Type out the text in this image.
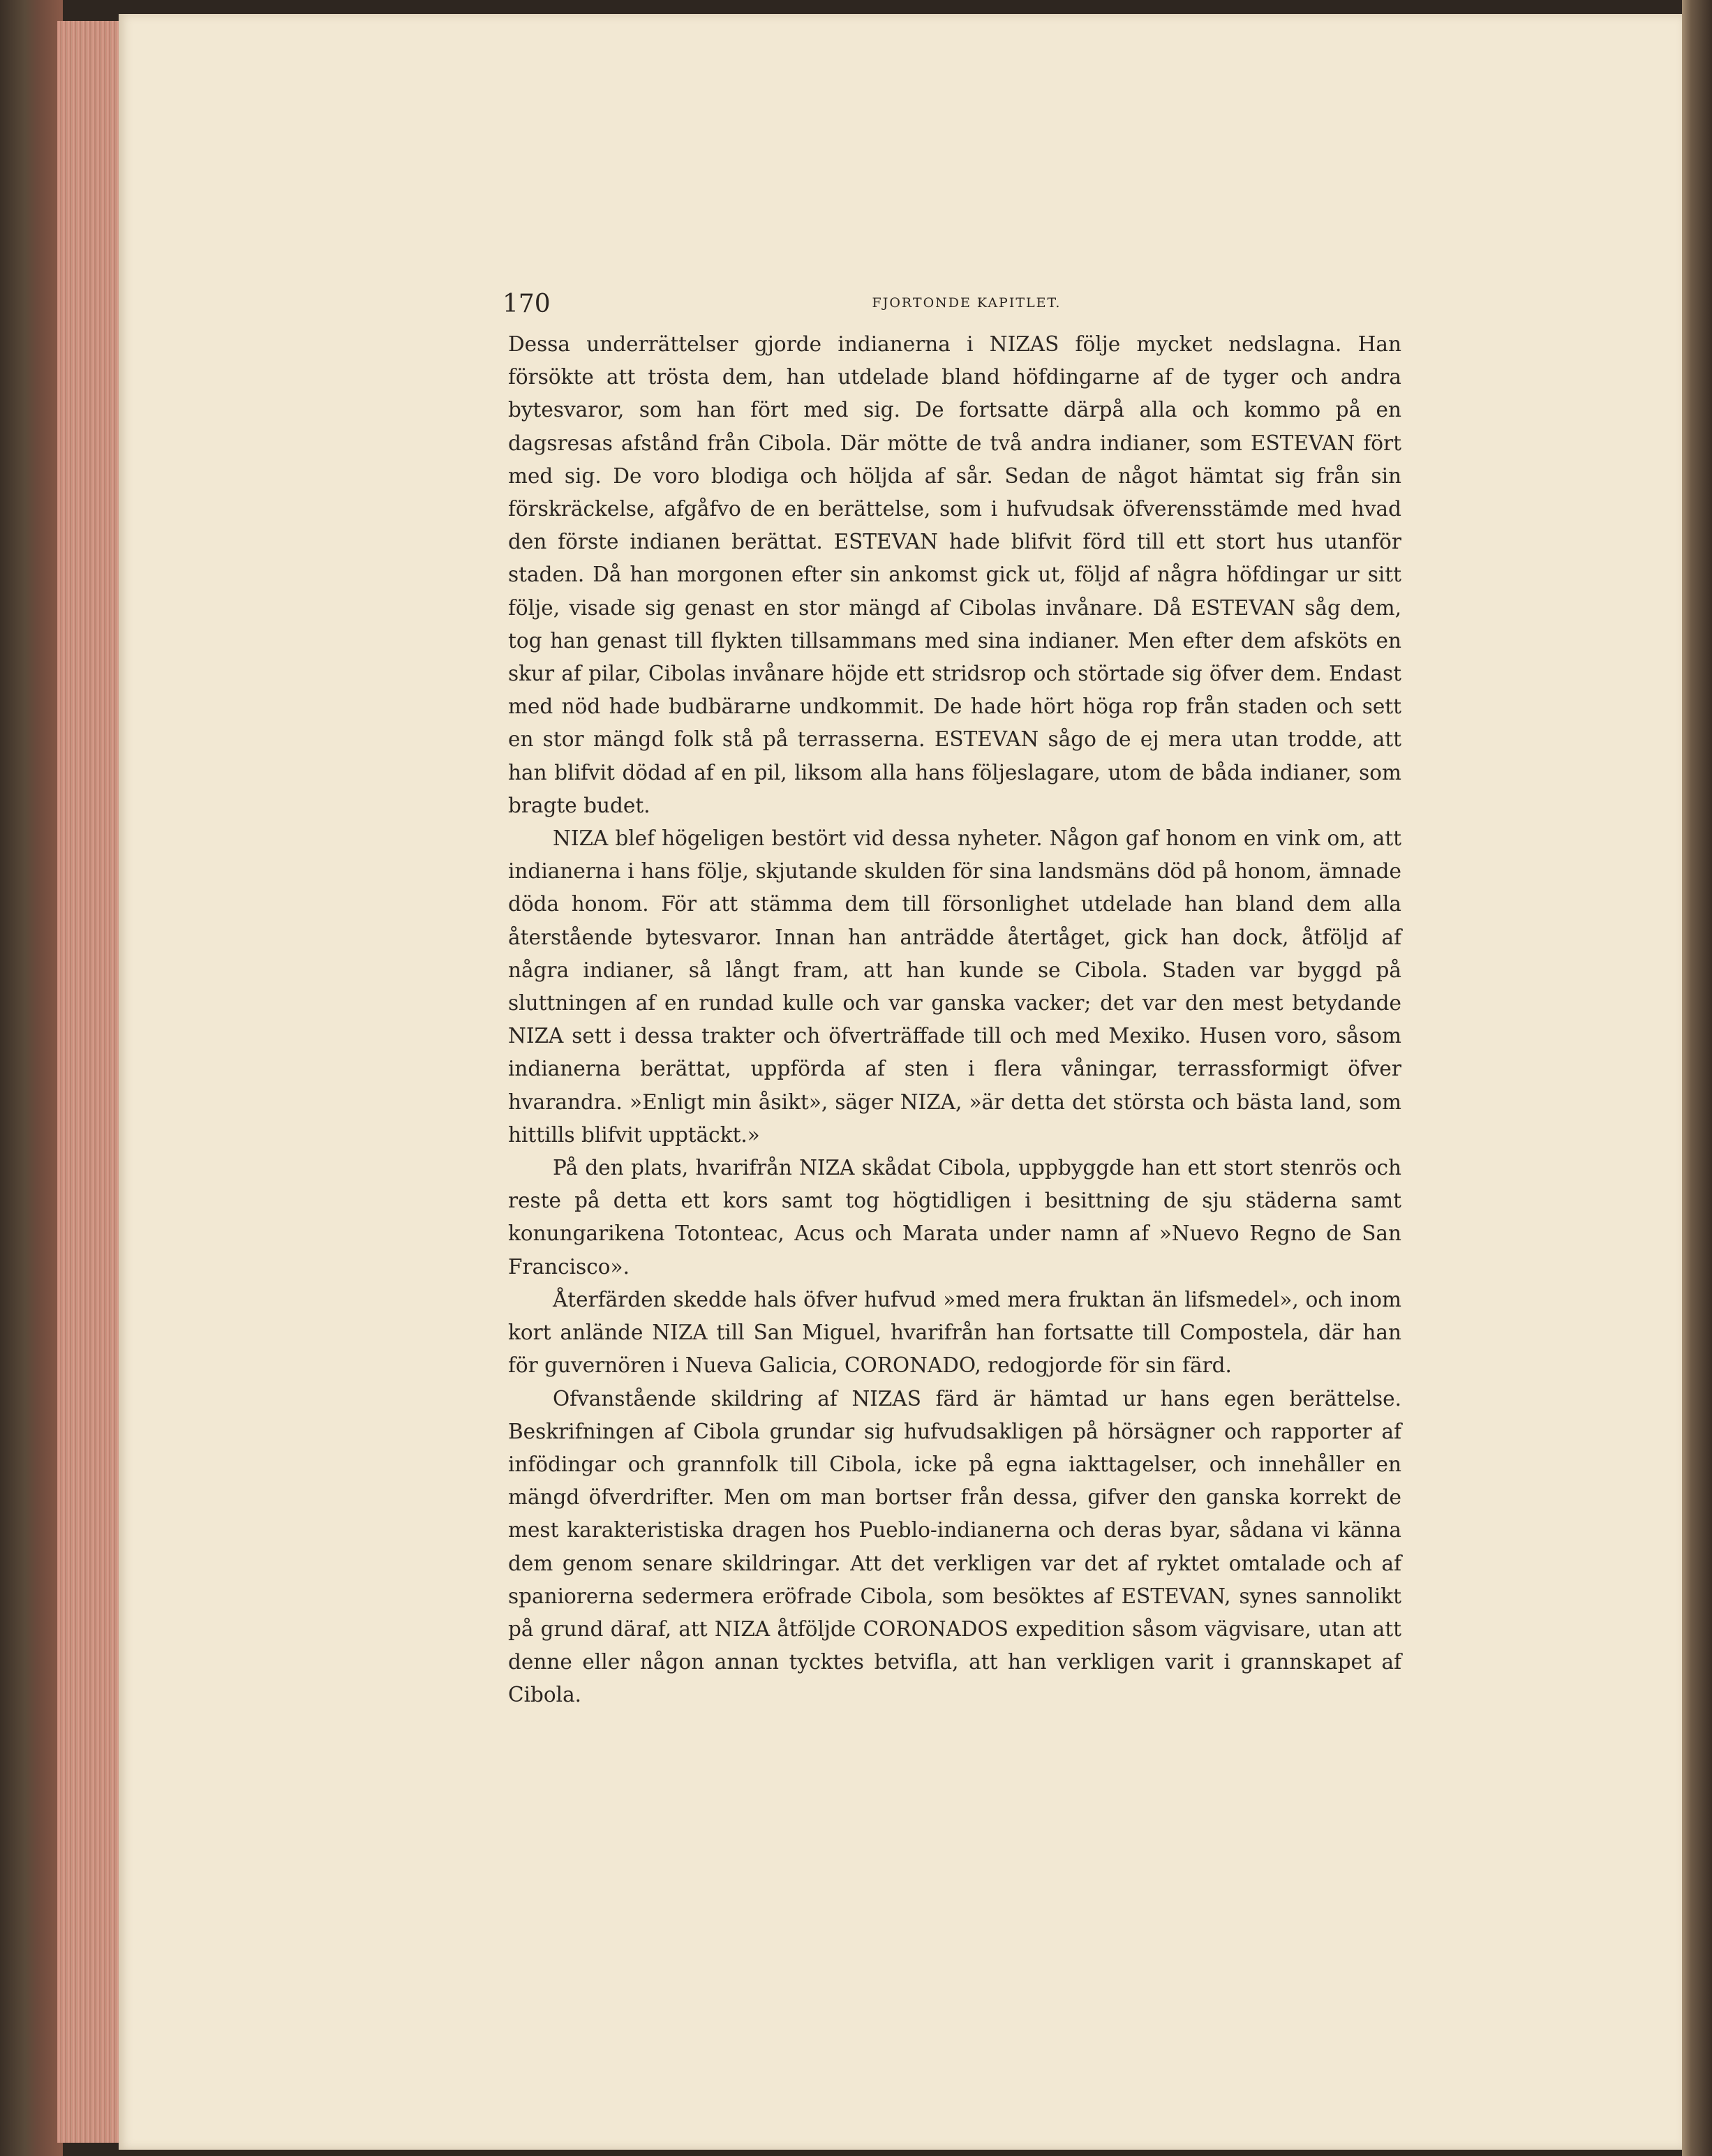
170	FJORTONDE KAPITLET.

Dessa underrättelser gjorde indianerna i NIZAS följe mycket nedslagna. Han försökte att trösta dem, han utdelade bland höfdingarne af de tyger och andra bytesvaror, som han fört med sig. De fortsatte därpå alla och kommo på en dagsresas afstånd från Cibola. Där mötte de två andra indianer, som ESTEVAN fört med sig. De voro blodiga och höljda af sår. Sedan de något hämtat sig från sin förskräckelse, afgåfvo de en berättelse, som i hufvudsak öfverensstämde med hvad den förste indianen berättat. ESTEVAN hade blifvit förd till ett stort hus utanför staden. Då han morgonen efter sin ankomst gick ut, följd af några höfdingar ur sitt följe, visade sig genast en stor mängd af Cibolas invånare. Då ESTEVAN såg dem, tog han genast till flykten tillsammans med sina indianer. Men efter dem afsköts en skur af pilar, Cibolas invånare höjde ett stridsrop och störtade sig öfver dem. Endast med nöd hade budbärarne undkommit. De hade hört höga rop från staden och sett en stor mängd folk stå på terrasserna. ESTEVAN sågo de ej mera utan trodde, att han blifvit dödad af en pil, liksom alla hans följeslagare, utom de båda indianer, som bragte budet.

NIZA blef högeligen bestört vid dessa nyheter. Någon gaf honom en vink om, att indianerna i hans följe, skjutande skulden för sina landsmäns död på honom, ämnade döda honom. För att stämma dem till försonlighet utdelade han bland dem alla återstående bytesvaror. Innan han anträdde återtåget, gick han dock, åtföljd af några indianer, så långt fram, att han kunde se Cibola. Staden var byggd på sluttningen af en rundad kulle och var ganska vacker; det var den mest betydande NIZA sett i dessa trakter och öfverträffade till och med Mexiko. Husen voro, såsom indianerna berättat, uppförda af sten i flera våningar, terrassformigt öfver hvarandra. »Enligt min åsikt», säger NIZA, »är detta det största och bästa land, som hittills blifvit upptäckt.»

På den plats, hvarifrån NIZA skådat Cibola, uppbyggde han ett stort stenrös och reste på detta ett kors samt tog högtidligen i besittning de sju städerna samt konungarikena Totonteac, Acus och Marata under namn af »Nuevo Regno de San Francisco».

Återfärden skedde hals öfver hufvud »med mera fruktan än lifsmedel», och inom kort anlände NIZA till San Miguel, hvarifrån han fortsatte till Compostela, där han för guvernören i Nueva Galicia, CORONADO, redogjorde för sin färd.

Ofvanstående skildring af NIZAS färd är hämtad ur hans egen berättelse. Beskrifningen af Cibola grundar sig hufvudsakligen på hörsägner och rapporter af infödingar och grannfolk till Cibola, icke på egna iakttagelser, och innehåller en mängd öfverdrifter. Men om man bortser från dessa, gifver den ganska korrekt de mest karakteristiska dragen hos Pueblo-indianerna och deras byar, sådana vi känna dem genom senare skildringar. Att det verkligen var det af ryktet omtalade och af spaniorerna sedermera eröfrade Cibola, som besöktes af ESTEVAN, synes sannolikt på grund däraf, att NIZA åtföljde CORONADOS expedition såsom vägvisare, utan att denne eller någon annan tycktes betvifla, att han verkligen varit i grannskapet af Cibola.
